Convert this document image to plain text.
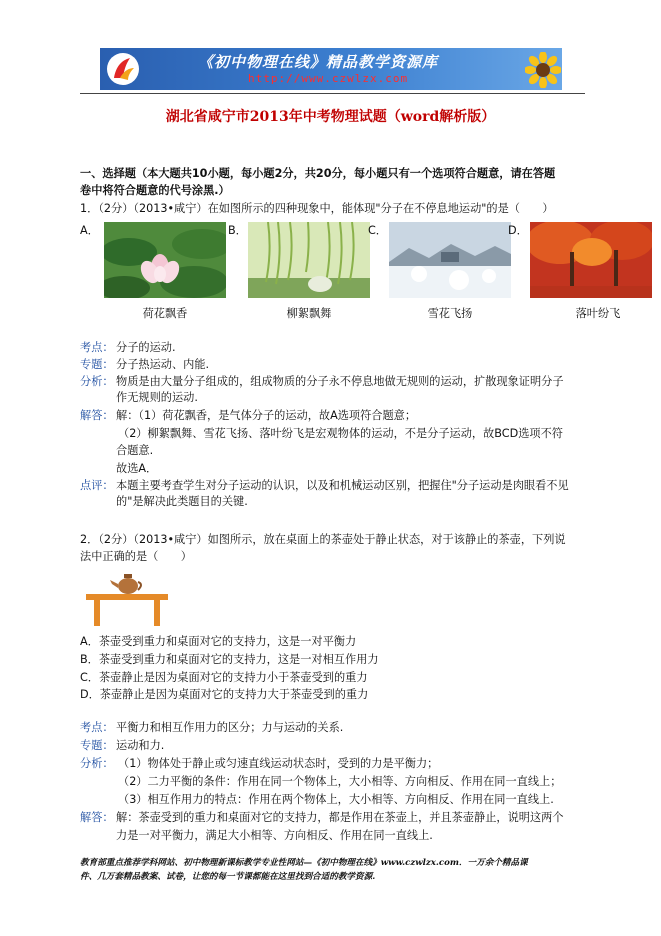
《初中物理在线》精品教学资源库
http://www.czwlzx.com
湖北省咸宁市2013年中考物理试题（word解析版）
一、选择题（本大题共10小题，每小题2分，共20分，每小题只有一个选项符合题意，请在答题
卷中将符合题意的代号涂黑.）
1．（2分）（2013•咸宁）在如图所示的四种现象中，能体现"分子在不停息地运动"的是（　　）
A．
荷花飘香
B．
柳絮飘舞
C．
雪花飞扬
D．
落叶纷飞
考点： 分子的运动.
专题： 分子热运动、内能.
分析： 物质是由大量分子组成的，组成物质的分子永不停息地做无规则的运动，扩散现象证明分子
作无规则的运动.
解答： 解：（1）荷花飘香，是气体分子的运动，故A选项符合题意；
（2）柳絮飘舞、雪花飞扬、落叶纷飞是宏观物体的运动，不是分子运动，故BCD选项不符
合题意.
故选A．
点评： 本题主要考查学生对分子运动的认识，以及和机械运动区别，把握住"分子运动是肉眼看不见
的"是解决此类题目的关键.
2．（2分）（2013•咸宁）如图所示，放在桌面上的茶壶处于静止状态，对于该静止的茶壶，下列说
法中正确的是（　　）
A．茶壶受到重力和桌面对它的支持力，这是一对平衡力
B．茶壶受到重力和桌面对它的支持力，这是一对相互作用力
C．茶壶静止是因为桌面对它的支持力小于茶壶受到的重力
D．茶壶静止是因为桌面对它的支持力大于茶壶受到的重力
考点： 平衡力和相互作用力的区分；力与运动的关系.
专题： 运动和力.
分析： （1）物体处于静止或匀速直线运动状态时，受到的力是平衡力；
（2）二力平衡的条件：作用在同一个物体上，大小相等、方向相反、作用在同一直线上；
（3）相互作用力的特点：作用在两个物体上，大小相等、方向相反、作用在同一直线上.
解答： 解：茶壶受到的重力和桌面对它的支持力，都是作用在茶壶上，并且茶壶静止，说明这两个
力是一对平衡力，满足大小相等、方向相反、作用在同一直线上.
教育部重点推荐学科网站、初中物理新课标教学专业性网站—《初中物理在线》www.czwlzx.com．一万余个精品课
件、几万套精品教案、试卷，让您的每一节课都能在这里找到合适的教学资源.
